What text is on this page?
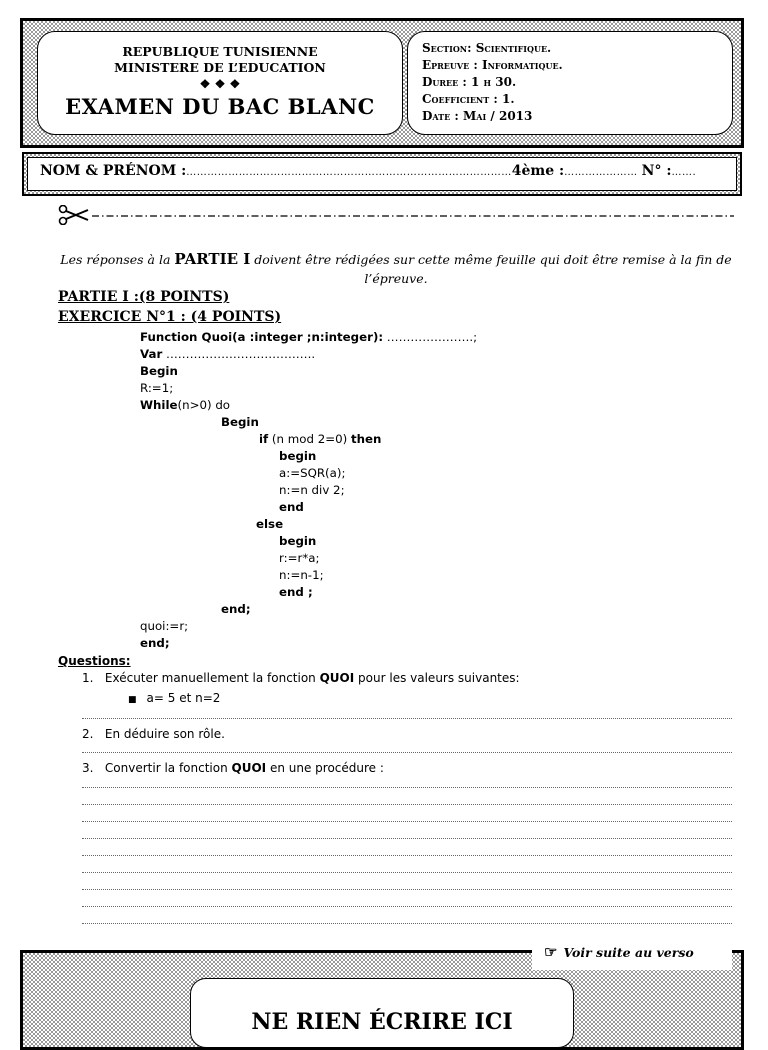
REPUBLIQUE TUNISIENNE
MINISTERE DE L’EDUCATION
❖ ❖ ❖
EXAMEN DU BAC BLANC
Section: Scientifique.
Epreuve : Informatique.
Duree : 1 h 30.
Coefficient : 1.
Date : Mai / 2013
NOM & PRÉNOM :…………………………………………………………………………………4ème :………………… N° :…….
Les réponses à la PARTIE I doivent être rédigées sur cette même feuille qui doit être remise à la fin de l’épreuve.
PARTIE I :(8 POINTS)
EXERCICE N°1 : (4 POINTS)
Function Quoi(a :integer ;n:integer): ………………….;
Var ………………………………..
Begin
R:=1;
While(n>0) do
Begin
if (n mod 2=0) then
begin
a:=SQR(a);
n:=n div 2;
end
else
begin
r:=r*a;
n:=n-1;
end ;
end;
quoi:=r;
end;
Questions:
1. Exécuter manuellement la fonction QUOI pour les valeurs suivantes:
■ a= 5 et n=2
2. En déduire son rôle.
3. Convertir la fonction QUOI en une procédure :
NE RIEN ÉCRIRE ICI
☞ Voir suite au verso
